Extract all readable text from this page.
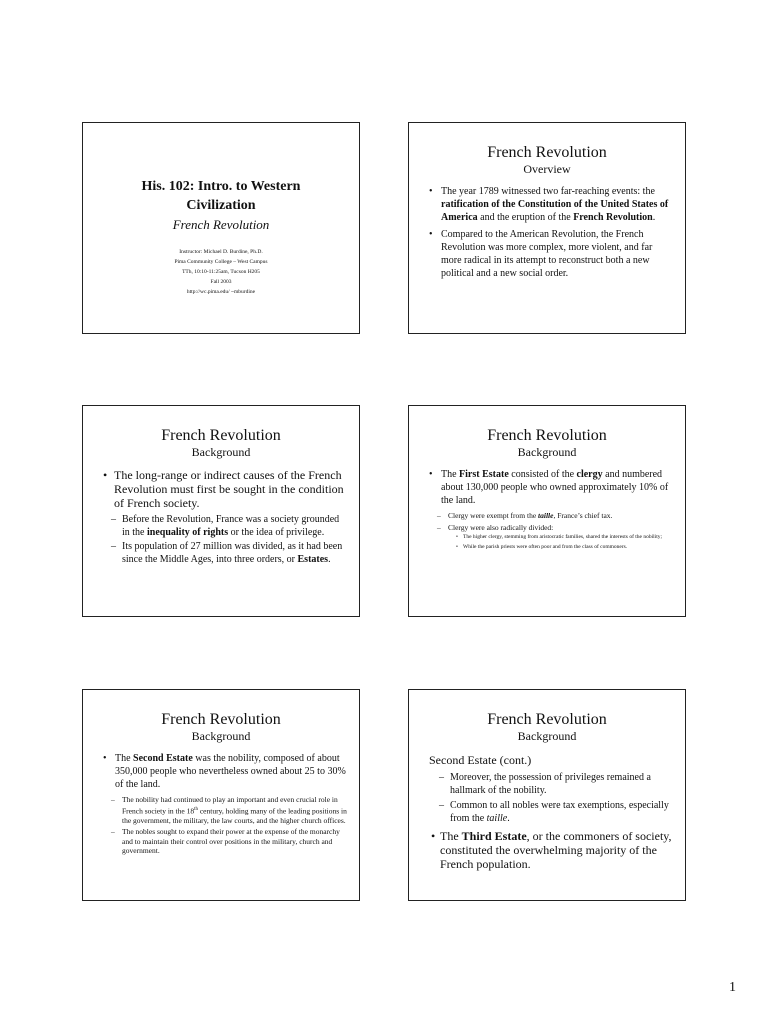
His. 102: Intro. to Western
Civilization
French Revolution
Instructor: Michael D. Burdine, Ph.D.
Pima Community College – West Campus
TTh, 10:10-11:25am, Tucson H205
Fall 2003
http://wc.pima.edu/ ~mburdine
French Revolution
Overview
• The year 1789 witnessed two far-reaching events: the ratification of the Constitution of the United States of America and the eruption of the French Revolution.
• Compared to the American Revolution, the French Revolution was more complex, more violent, and far more radical in its attempt to reconstruct both a new political and a new social order.
French Revolution
Background
• The long-range or indirect causes of the French Revolution must first be sought in the condition of French society.
– Before the Revolution, France was a society grounded in the inequality of rights or the idea of privilege.
– Its population of 27 million was divided, as it had been since the Middle Ages, into three orders, or Estates.
French Revolution
Background
• The First Estate consisted of the clergy and numbered about 130,000 people who owned approximately 10% of the land.
– Clergy were exempt from the taille, France’s chief tax.
– Clergy were also radically divided:
• The higher clergy, stemming from aristocratic families, shared the interests of the nobility;
• While the parish priests were often poor and from the class of commoners.
French Revolution
Background
• The Second Estate was the nobility, composed of about 350,000 people who nevertheless owned about 25 to 30% of the land.
– The nobility had continued to play an important and even crucial role in French society in the 18th century, holding many of the leading positions in the government, the military, the law courts, and the higher church offices.
– The nobles sought to expand their power at the expense of the monarchy and to maintain their control over positions in the military, church and government.
French Revolution
Background
Second Estate (cont.)
– Moreover, the possession of privileges remained a hallmark of the nobility.
– Common to all nobles were tax exemptions, especially from the taille.
• The Third Estate, or the commoners of society, constituted the overwhelming majority of the French population.
1
